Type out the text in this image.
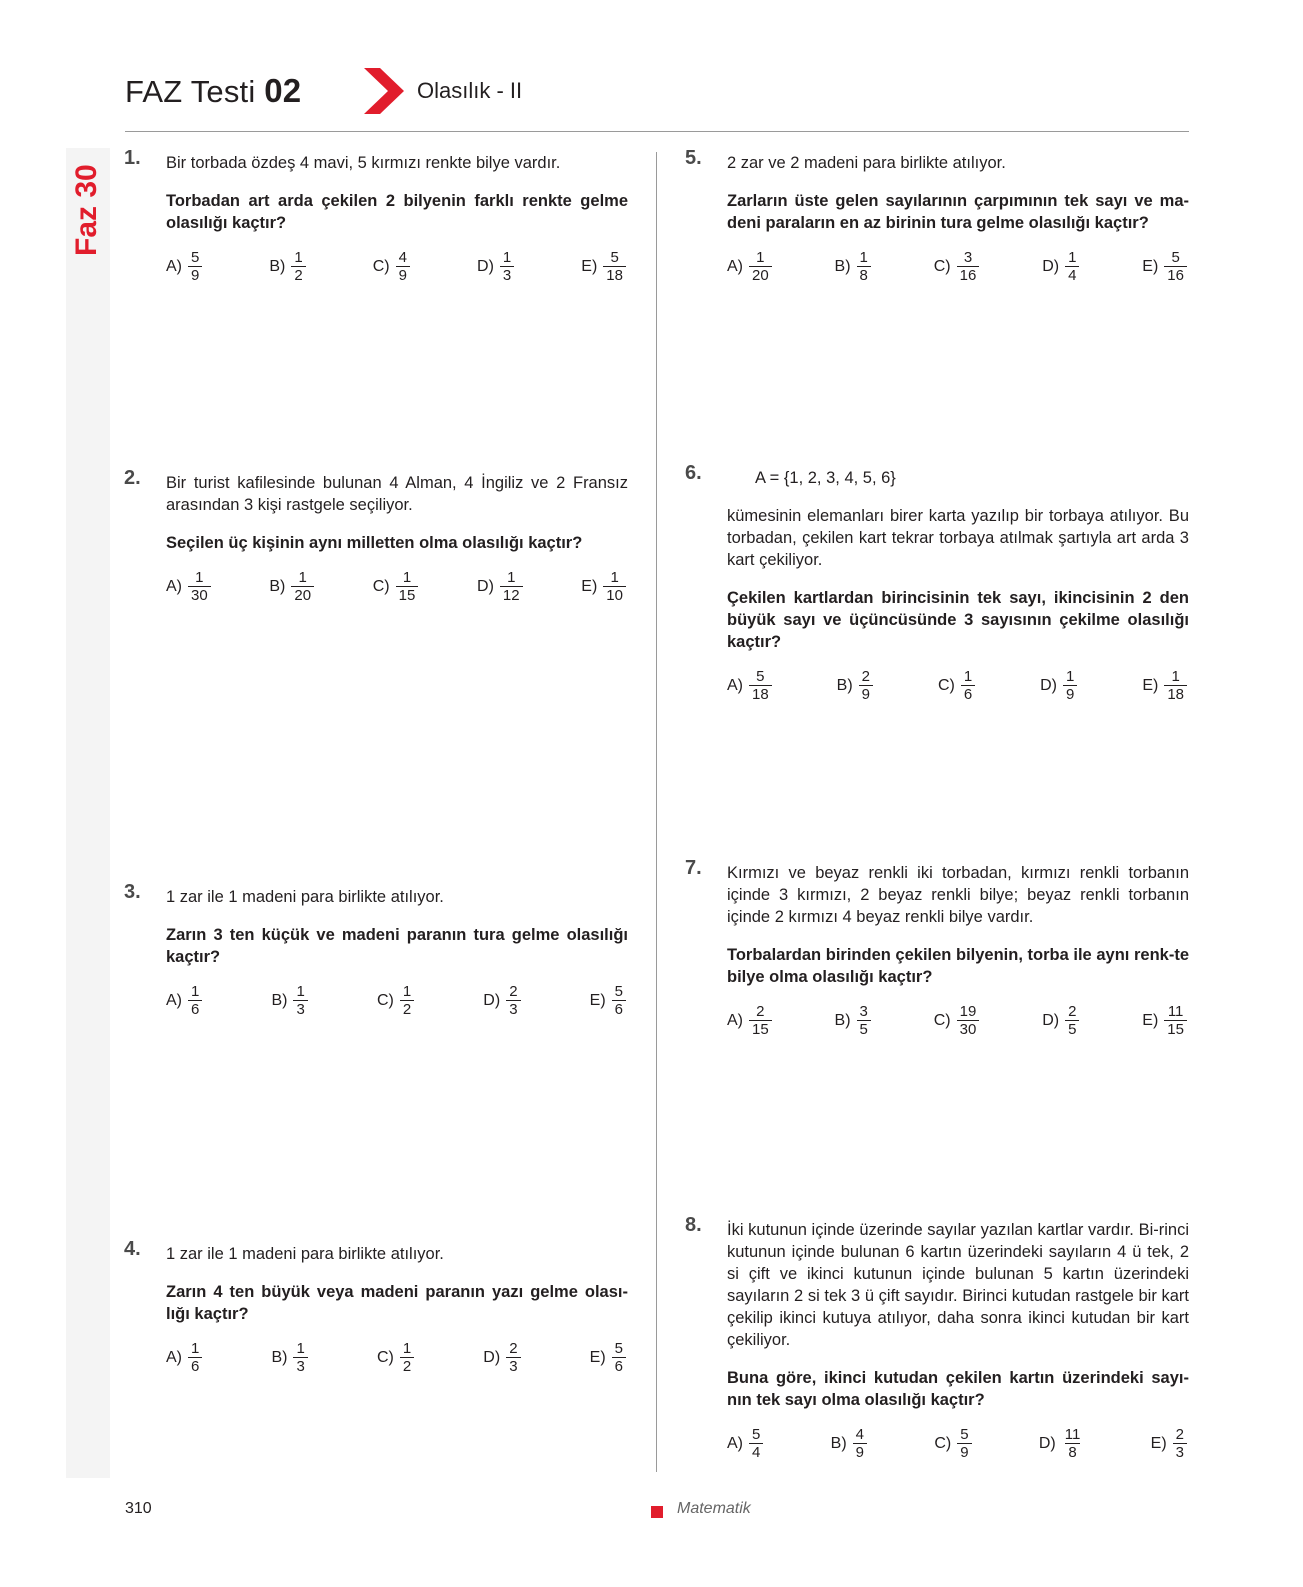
Faz 30
FAZ Testi 02	Olasılık - II
1. Bir torbada özdeş 4 mavi, 5 kırmızı renkte bilye vardır.

Torbadan art arda çekilen 2 bilyenin farklı renkte gelme olasılığı kaçtır?

$A) \frac{5}{9}$	$B) \frac{1}{2}$	$C) \frac{4}{9}$	$D) \frac{1}{3}$	$E) \frac{5}{18}$
2. Bir turist kafilesinde bulunan 4 Alman, 4 İngiliz ve 2 Fransız arasından 3 kişi rastgele seçiliyor.

Seçilen üç kişinin aynı milletten olma olasılığı kaçtır?

$A) \frac{1}{30}$	$B) \frac{1}{20}$	$C) \frac{1}{15}$	$D) \frac{1}{12}$	$E) \frac{1}{10}$
3. 1 zar ile 1 madeni para birlikte atılıyor.

Zarın 3 ten küçük ve madeni paranın tura gelme olasılığı kaçtır?

$A) \frac{1}{6}$	$B) \frac{1}{3}$	$C) \frac{1}{2}$	$D) \frac{2}{3}$	$E) \frac{5}{6}$
4. 1 zar ile 1 madeni para birlikte atılıyor.

Zarın 4 ten büyük veya madeni paranın yazı gelme olası-lığı kaçtır?

$A) \frac{1}{6}$	$B) \frac{1}{3}$	$C) \frac{1}{2}$	$D) \frac{2}{3}$	$E) \frac{5}{6}$
5. 2 zar ve 2 madeni para birlikte atılıyor.

Zarların üste gelen sayılarının çarpımının tek sayı ve ma-deni paraların en az birinin tura gelme olasılığı kaçtır?

$A) \frac{1}{20}$	$B) \frac{1}{8}$	$C) \frac{3}{16}$	$D) \frac{1}{4}$	$E) \frac{5}{16}$
6.	A = {1, 2, 3, 4, 5, 6}

kümesinin elemanları birer karta yazılıp bir torbaya atılıyor. Bu torbadan, çekilen kart tekrar torbaya atılmak şartıyla art arda 3 kart çekiliyor.

Çekilen kartlardan birincisinin tek sayı, ikincisinin 2 den büyük sayı ve üçüncüsünde 3 sayısının çekilme olasılığı kaçtır?

$A) \frac{5}{18}$	$B) \frac{2}{9}$	$C) \frac{1}{6}$	$D) \frac{1}{9}$	$E) \frac{1}{18}$
7. Kırmızı ve beyaz renkli iki torbadan, kırmızı renkli torbanın içinde 3 kırmızı, 2 beyaz renkli bilye; beyaz renkli torbanın içinde 2 kırmızı 4 beyaz renkli bilye vardır.

Torbalardan birinden çekilen bilyenin, torba ile aynı renk-te bilye olma olasılığı kaçtır?

$A) \frac{2}{15}$	$B) \frac{3}{5}$	$C) \frac{19}{30}$	$D) \frac{2}{5}$	$E) \frac{11}{15}$
8. İki kutunun içinde üzerinde sayılar yazılan kartlar vardır. Bi-rinci kutunun içinde bulunan 6 kartın üzerindeki sayıların 4 ü tek, 2 si çift ve ikinci kutunun içinde bulunan 5 kartın üzerindeki sayıların 2 si tek 3 ü çift sayıdır. Birinci kutudan rastgele bir kart çekilip ikinci kutuya atılıyor, daha sonra ikinci kutudan bir kart çekiliyor.

Buna göre, ikinci kutudan çekilen kartın üzerindeki sayı-nın tek sayı olma olasılığı kaçtır?

$A) \frac{5}{4}$	$B) \frac{4}{9}$	$C) \frac{5}{9}$	$D) \frac{11}{8}$	$E) \frac{2}{3}$
310	Matematik
